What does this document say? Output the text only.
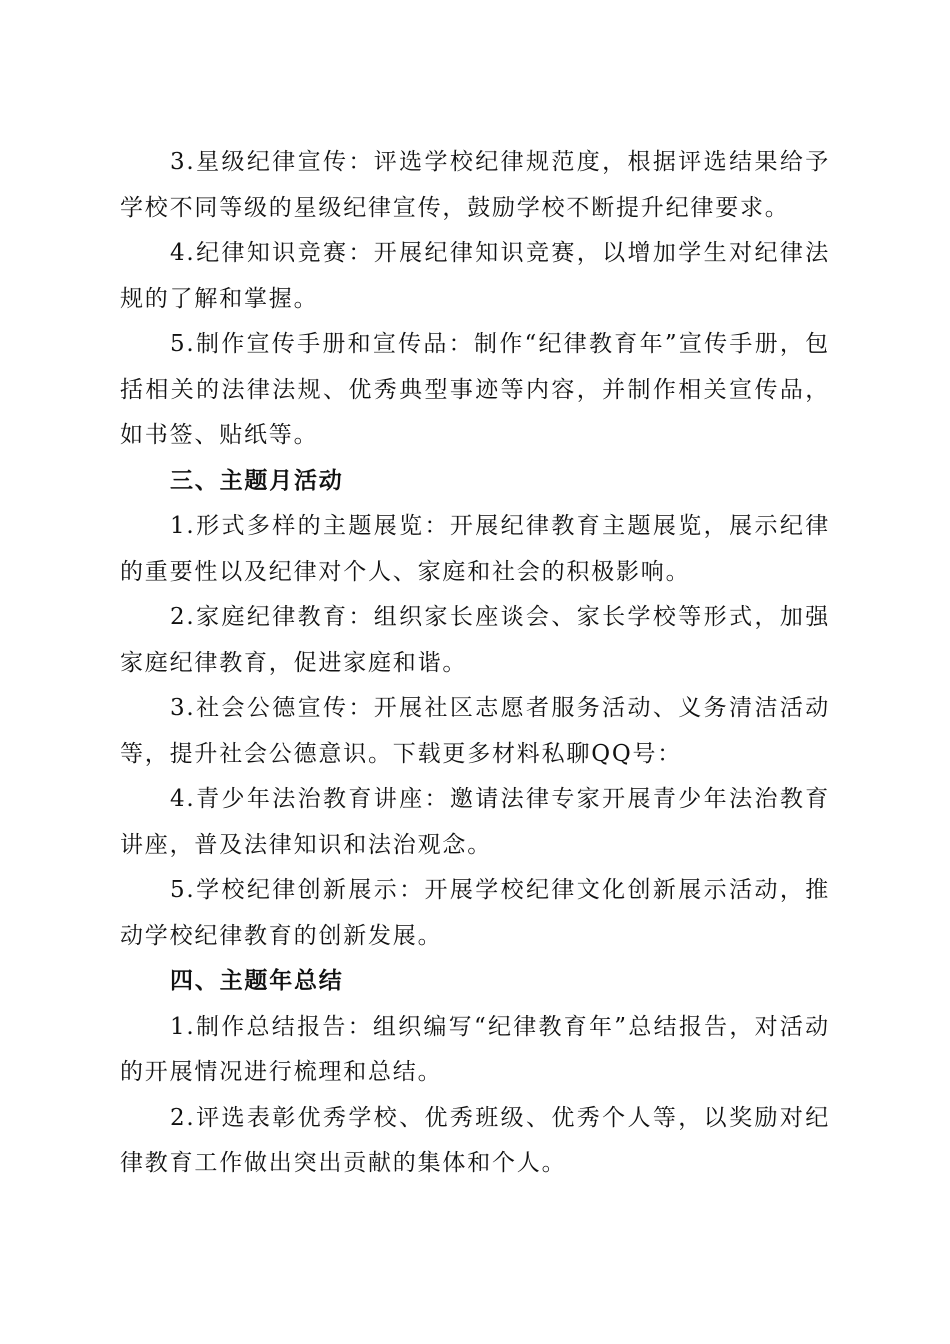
3.星级纪律宣传：评选学校纪律规范度，根据评选结果给予学校不同等级的星级纪律宣传，鼓励学校不断提升纪律要求。

4.纪律知识竞赛：开展纪律知识竞赛，以增加学生对纪律法规的了解和掌握。

5.制作宣传手册和宣传品：制作“纪律教育年”宣传手册，包括相关的法律法规、优秀典型事迹等内容，并制作相关宣传品，如书签、贴纸等。

三、主题月活动

1.形式多样的主题展览：开展纪律教育主题展览，展示纪律的重要性以及纪律对个人、家庭和社会的积极影响。

2.家庭纪律教育：组织家长座谈会、家长学校等形式，加强家庭纪律教育，促进家庭和谐。

3.社会公德宣传：开展社区志愿者服务活动、义务清洁活动等，提升社会公德意识。下载更多材料私聊QQ号：

4.青少年法治教育讲座：邀请法律专家开展青少年法治教育讲座，普及法律知识和法治观念。

5.学校纪律创新展示：开展学校纪律文化创新展示活动，推动学校纪律教育的创新发展。

四、主题年总结

1.制作总结报告：组织编写“纪律教育年”总结报告，对活动的开展情况进行梳理和总结。

2.评选表彰优秀学校、优秀班级、优秀个人等，以奖励对纪律教育工作做出突出贡献的集体和个人。
